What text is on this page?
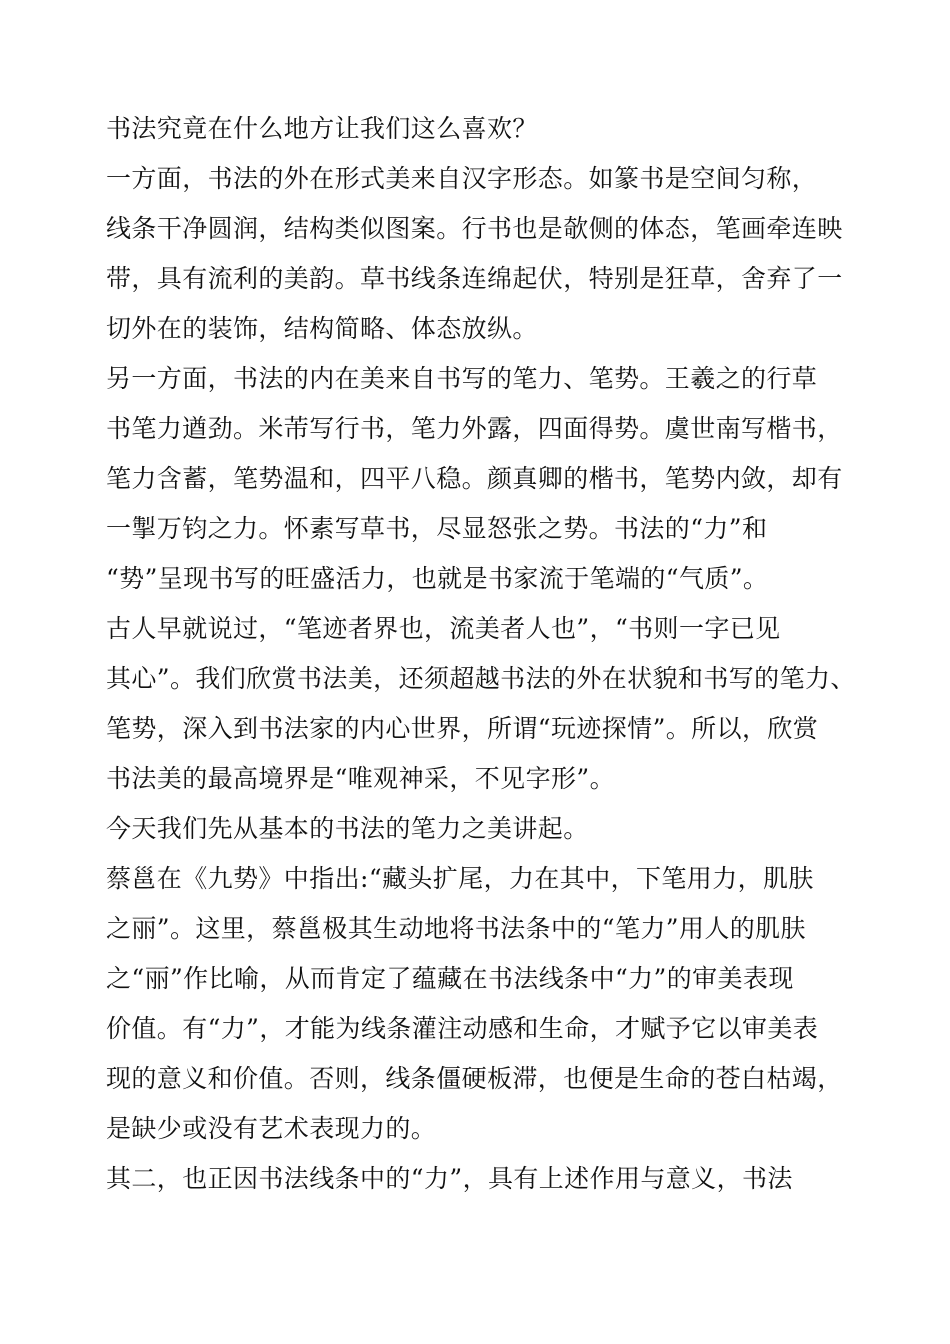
书法究竟在什么地方让我们这么喜欢？
一方面，书法的外在形式美来自汉字形态。如篆书是空间匀称，
线条干净圆润，结构类似图案。行书也是欹侧的体态，笔画牵连映
带，具有流利的美韵。草书线条连绵起伏，特别是狂草，舍弃了一
切外在的装饰，结构简略、体态放纵。
另一方面，书法的内在美来自书写的笔力、笔势。王羲之的行草
书笔力遒劲。米芾写行书，笔力外露，四面得势。虞世南写楷书，
笔力含蓄，笔势温和，四平八稳。颜真卿的楷书，笔势内敛，却有
一掣万钧之力。怀素写草书，尽显怒张之势。书法的“力”和
“势”呈现书写的旺盛活力，也就是书家流于笔端的“气质”。
古人早就说过，“笔迹者界也，流美者人也”，“书则一字已见
其心”。我们欣赏书法美，还须超越书法的外在状貌和书写的笔力、
笔势，深入到书法家的内心世界，所谓“玩迹探情”。所以，欣赏
书法美的最高境界是“唯观神采，不见字形”。
今天我们先从基本的书法的笔力之美讲起。
蔡邕在《九势》中指出:“藏头扩尾，力在其中，下笔用力，肌肤
之丽”。这里，蔡邕极其生动地将书法条中的“笔力”用人的肌肤
之“丽”作比喻，从而肯定了蕴藏在书法线条中“力”的审美表现
价值。有“力”，才能为线条灌注动感和生命，才赋予它以审美表
现的意义和价值。否则，线条僵硬板滞，也便是生命的苍白枯竭，
是缺少或没有艺术表现力的。
其二，也正因书法线条中的“力”，具有上述作用与意义，书法
